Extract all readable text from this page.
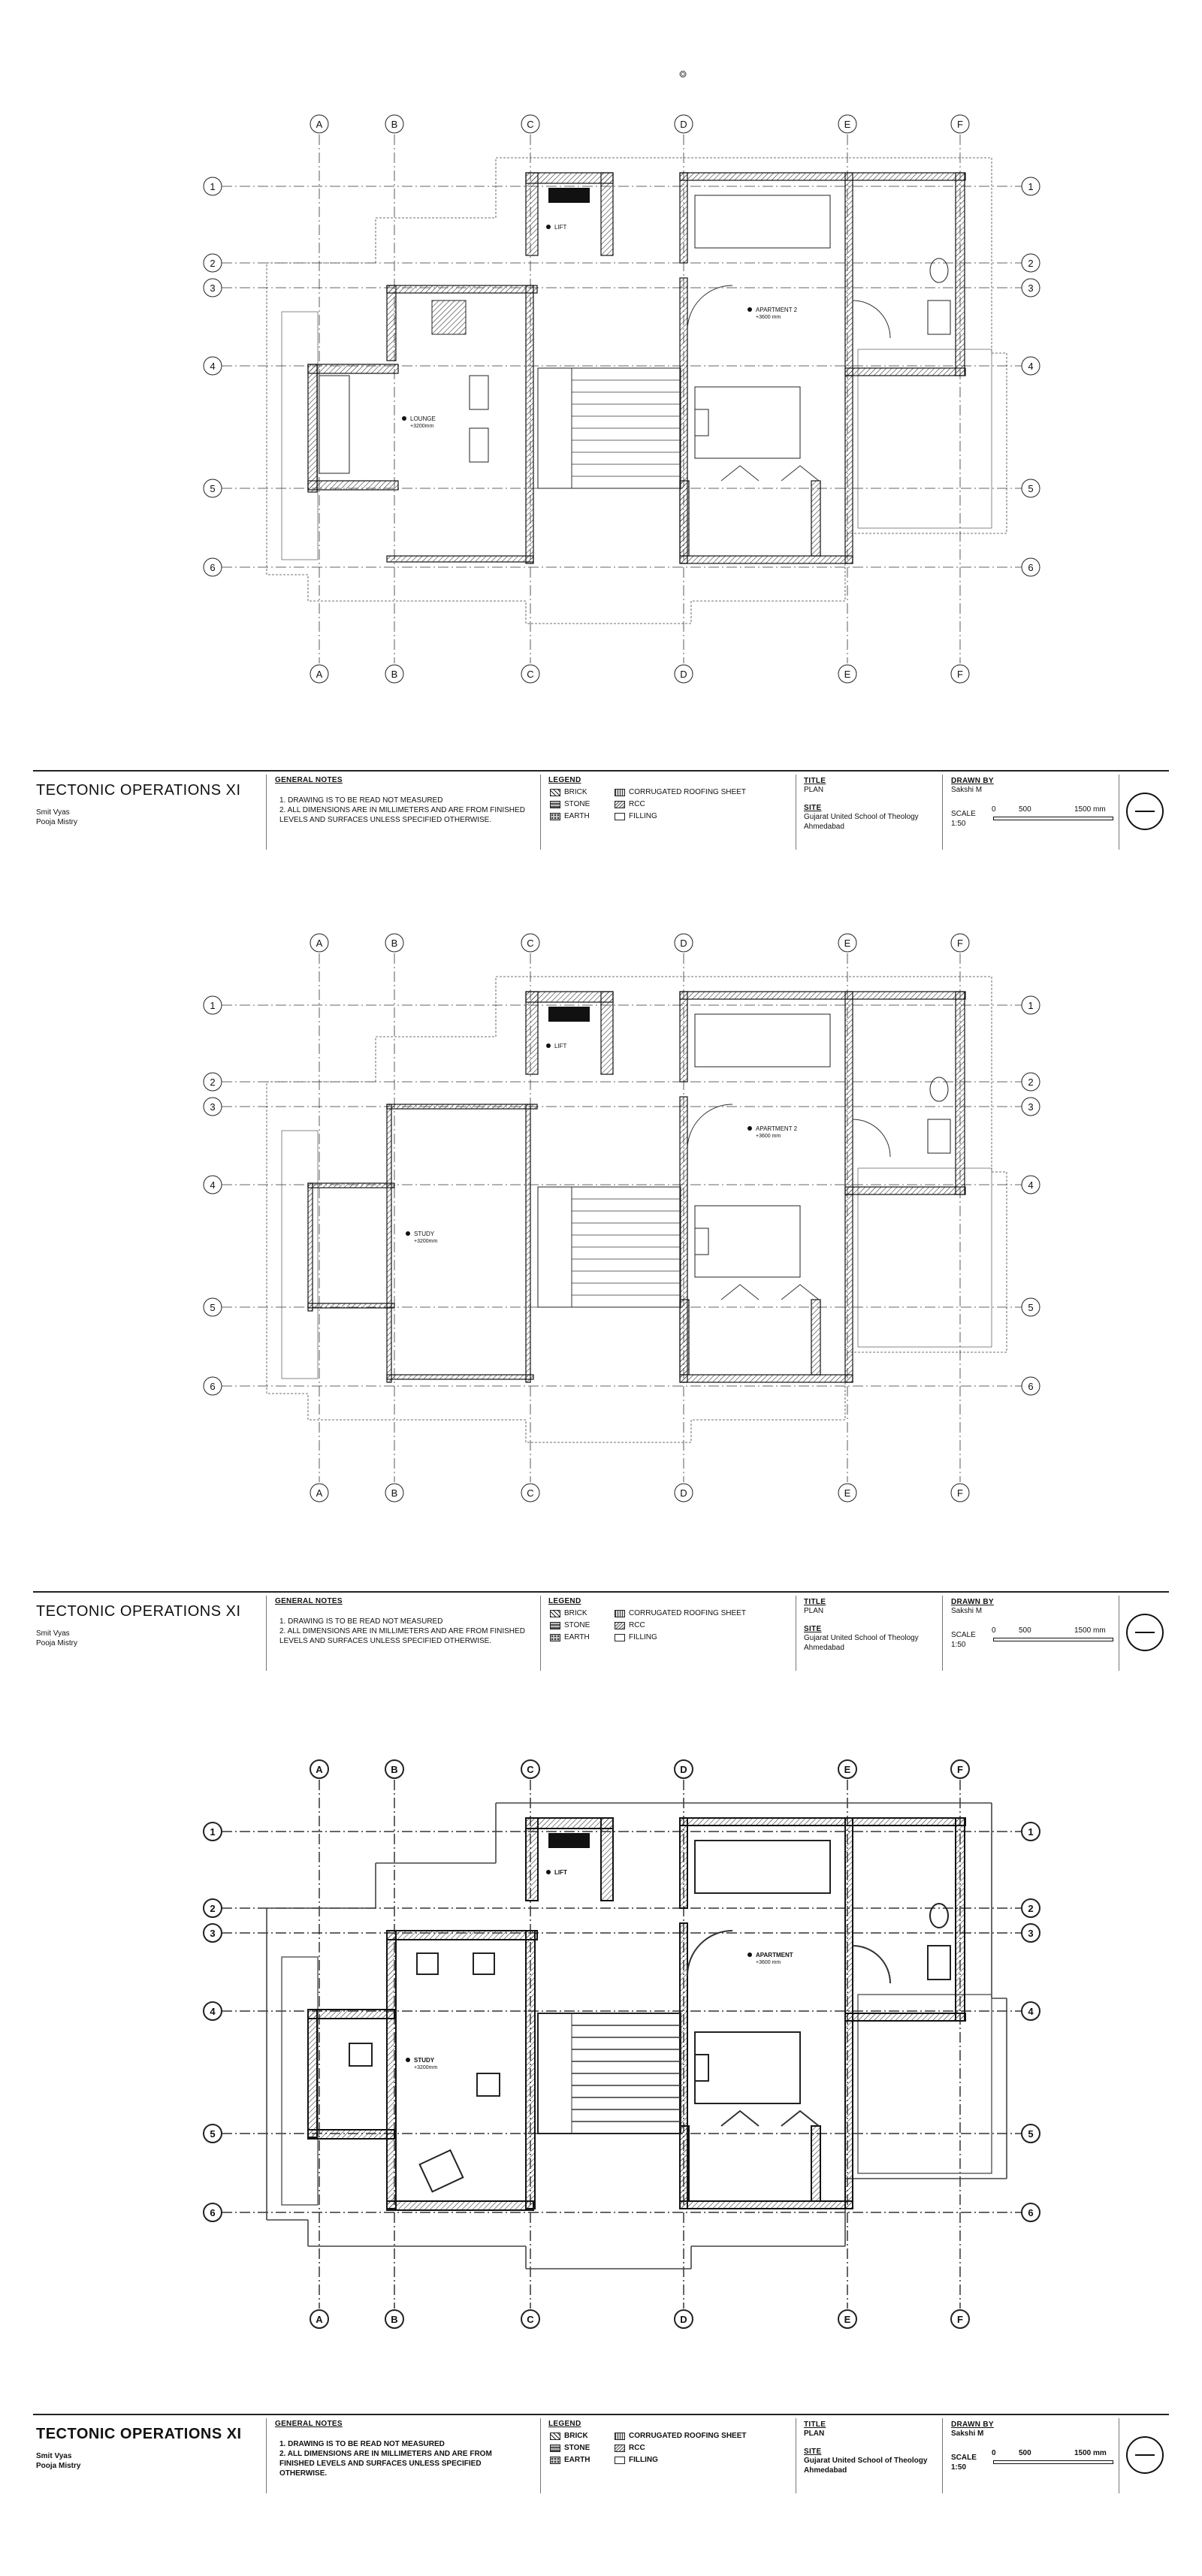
❂
A
A
B
B
C
C
D
D
E
E
F
F
1	1
2	2
3	3
4	4
5	5
6	6
LIFT
APARTMENT 2
+3600 mm
LOUNGE
+3200mm
TECTONIC OPERATIONS XI
Smit Vyas
Pooja Mistry
GENERAL NOTES
1. DRAWING IS TO BE READ NOT MEASURED
2. ALL DIMENSIONS ARE IN MILLIMETERS AND ARE FROM FINISHED LEVELS AND SURFACES UNLESS SPECIFIED OTHERWISE.
LEGEND
BRICK
STONE
EARTH
CORRUGATED ROOFING SHEET
RCC
FILLING
TITLE
PLAN
SITE
Gujarat United School of Theology
Ahmedabad
DRAWN BY
Sakshi M
SCALE
1:50
0	500	1500 mm
A
A
B
B
C
C
D
D
E
E
F
F
1	1
2	2
3	3
4	4
5	5
6	6
LIFT
APARTMENT 2
+3600 mm
STUDY
+3200mm
TECTONIC OPERATIONS XI
Smit Vyas
Pooja Mistry
GENERAL NOTES
1. DRAWING IS TO BE READ NOT MEASURED
2. ALL DIMENSIONS ARE IN MILLIMETERS AND ARE FROM FINISHED LEVELS AND SURFACES UNLESS SPECIFIED OTHERWISE.
LEGEND
BRICK
STONE
EARTH
CORRUGATED ROOFING SHEET
RCC
FILLING
TITLE
PLAN
SITE
Gujarat United School of Theology
Ahmedabad
DRAWN BY
Sakshi M
SCALE
1:50
0	500	1500 mm
A
A
B
B
C
C
D
D
E
E
F
F
1	1
2	2
3	3
4	4
5	5
6	6
LIFT
APARTMENT
+3600 mm
STUDY
+3200mm
TECTONIC OPERATIONS XI
Smit Vyas
Pooja Mistry
GENERAL NOTES
1. DRAWING IS TO BE READ NOT MEASURED
2. ALL DIMENSIONS ARE IN MILLIMETERS AND ARE FROM FINISHED LEVELS AND SURFACES UNLESS SPECIFIED OTHERWISE.
LEGEND
BRICK
STONE
EARTH
CORRUGATED ROOFING SHEET
RCC
FILLING
TITLE
PLAN
SITE
Gujarat United School of Theology
Ahmedabad
DRAWN BY
Sakshi M
SCALE
1:50
0	500	1500 mm
